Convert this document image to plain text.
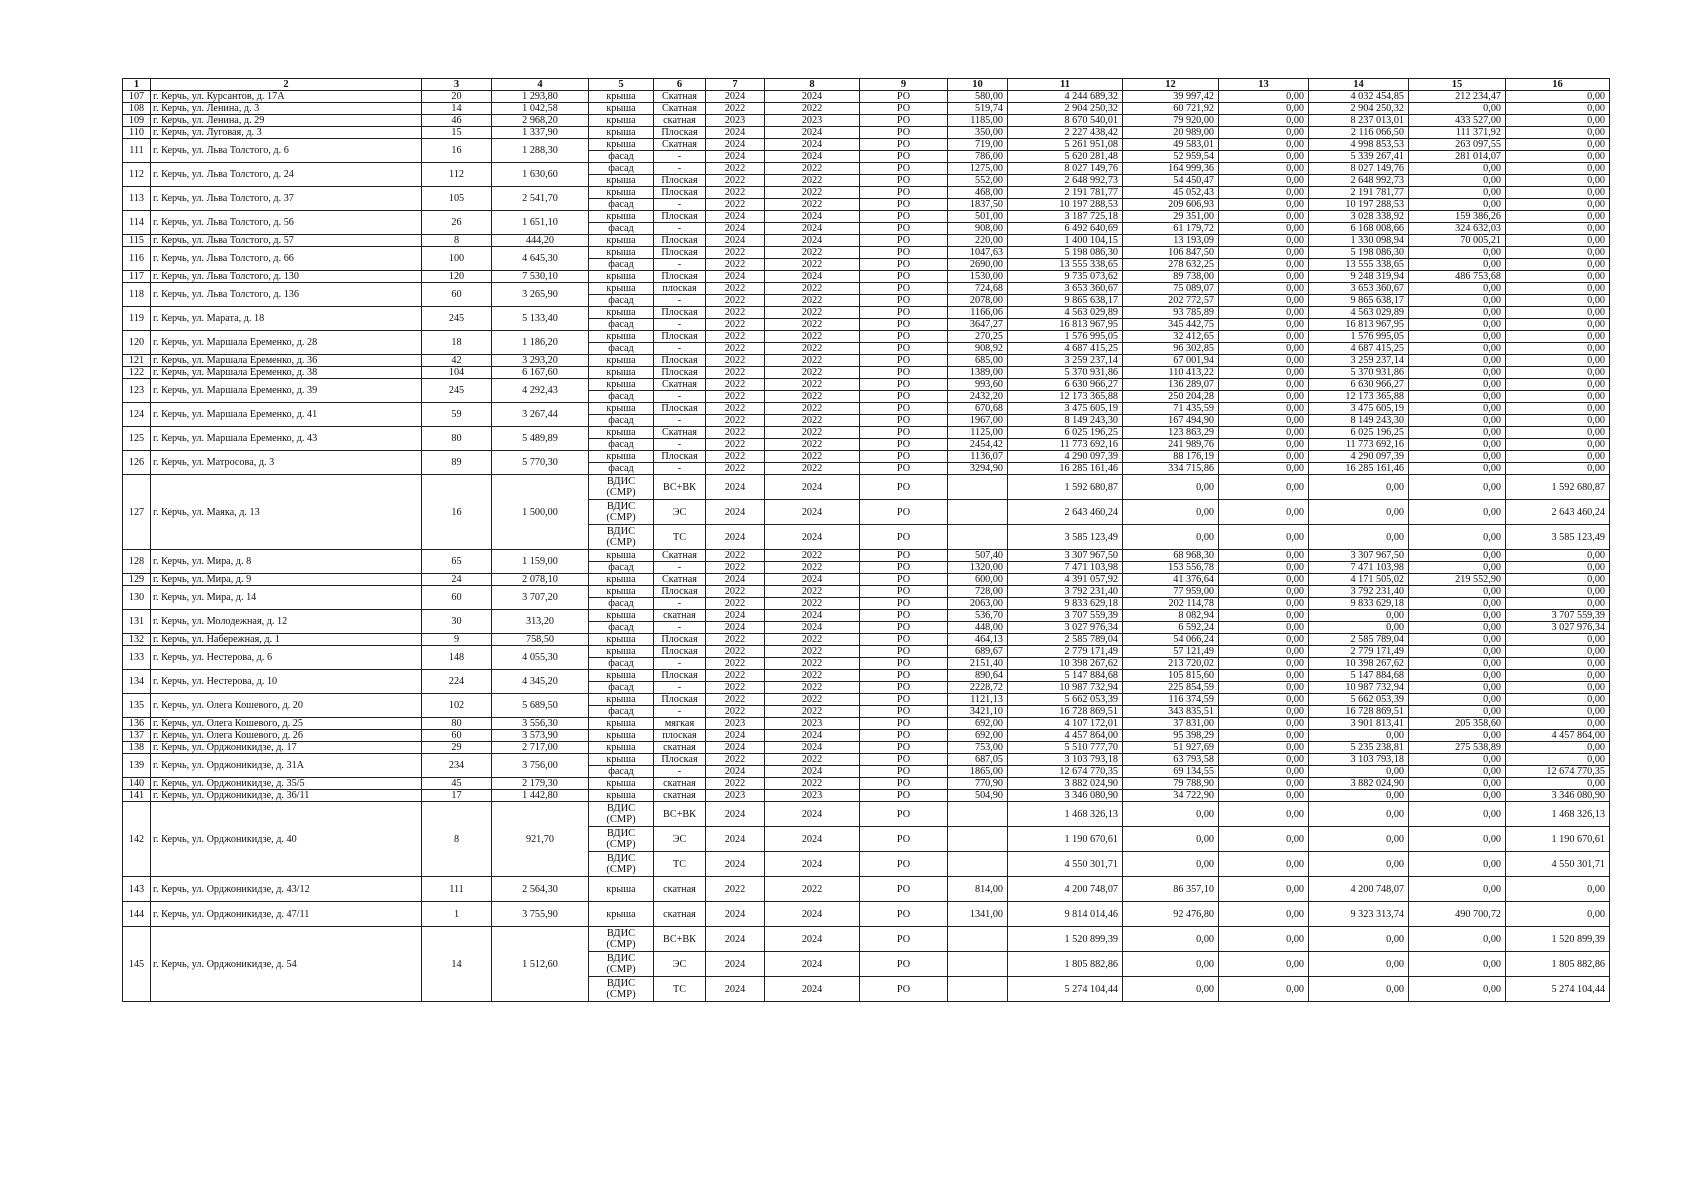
1	2	3	4	5	6	7	8	9	10	11	12	13	14	15	16
107	г. Керчь, ул. Курсантов, д. 17А	20	1 293,80	крыша	Скатная	2024	2024	РО	580,00	4 244 689,32	39 997,42	0,00	4 032 454,85	212 234,47	0,00
108	г. Керчь, ул. Ленина, д. 3	14	1 042,58	крыша	Скатная	2022	2022	РО	519,74	2 904 250,32	60 721,92	0,00	2 904 250,32	0,00	0,00
109	г. Керчь, ул. Ленина, д. 29	46	2 968,20	крыша	скатная	2023	2023	РО	1185,00	8 670 540,01	79 920,00	0,00	8 237 013,01	433 527,00	0,00
110	г. Керчь, ул. Луговая, д. 3	15	1 337,90	крыша	Плоская	2024	2024	РО	350,00	2 227 438,42	20 989,00	0,00	2 116 066,50	111 371,92	0,00
111	г. Керчь, ул. Льва Толстого, д. 6	16	1 288,30	крыша	Скатная	2024	2024	РО	719,00	5 261 951,08	49 583,01	0,00	4 998 853,53	263 097,55	0,00
				фасад	-	2024	2024	РО	786,00	5 620 281,48	52 959,54	0,00	5 339 267,41	281 014,07	0,00
112	г. Керчь, ул. Льва Толстого, д. 24	112	1 630,60	фасад	-	2022	2022	РО	1275,00	8 027 149,76	164 999,36	0,00	8 027 149,76	0,00	0,00
				крыша	Плоская	2022	2022	РО	552,00	2 648 992,73	54 450,47	0,00	2 648 992,73	0,00	0,00
113	г. Керчь, ул. Льва Толстого, д. 37	105	2 541,70	крыша	Плоская	2022	2022	РО	468,00	2 191 781,77	45 052,43	0,00	2 191 781,77	0,00	0,00
				фасад	-	2022	2022	РО	1837,50	10 197 288,53	209 606,93	0,00	10 197 288,53	0,00	0,00
114	г. Керчь, ул. Льва Толстого, д. 56	26	1 651,10	крыша	Плоская	2024	2024	РО	501,00	3 187 725,18	29 351,00	0,00	3 028 338,92	159 386,26	0,00
				фасад	-	2024	2024	РО	908,00	6 492 640,69	61 179,72	0,00	6 168 008,66	324 632,03	0,00
115	г. Керчь, ул. Льва Толстого, д. 57	8	444,20	крыша	Плоская	2024	2024	РО	220,00	1 400 104,15	13 193,09	0,00	1 330 098,94	70 005,21	0,00
116	г. Керчь, ул. Льва Толстого, д. 66	100	4 645,30	крыша	Плоская	2022	2022	РО	1047,63	5 198 086,30	106 847,50	0,00	5 198 086,30	0,00	0,00
				фасад	-	2022	2022	РО	2690,00	13 555 338,65	278 632,25	0,00	13 555 338,65	0,00	0,00
117	г. Керчь, ул. Льва Толстого, д. 130	120	7 530,10	крыша	Плоская	2024	2024	РО	1530,00	9 735 073,62	89 738,00	0,00	9 248 319,94	486 753,68	0,00
118	г. Керчь, ул. Льва Толстого, д. 136	60	3 265,90	крыша	плоская	2022	2022	РО	724,68	3 653 360,67	75 089,07	0,00	3 653 360,67	0,00	0,00
				фасад	-	2022	2022	РО	2078,00	9 865 638,17	202 772,57	0,00	9 865 638,17	0,00	0,00
119	г. Керчь, ул. Марата, д. 18	245	5 133,40	крыша	Плоская	2022	2022	РО	1166,06	4 563 029,89	93 785,89	0,00	4 563 029,89	0,00	0,00
				фасад	-	2022	2022	РО	3647,27	16 813 967,95	345 442,75	0,00	16 813 967,95	0,00	0,00
120	г. Керчь, ул. Маршала Еременко, д. 28	18	1 186,20	крыша	Плоская	2022	2022	РО	270,25	1 576 995,05	32 412,65	0,00	1 576 995,05	0,00	0,00
				фасад	-	2022	2022	РО	908,92	4 687 415,25	96 302,85	0,00	4 687 415,25	0,00	0,00
121	г. Керчь, ул. Маршала Еременко, д. 36	42	3 293,20	крыша	Плоская	2022	2022	РО	685,00	3 259 237,14	67 001,94	0,00	3 259 237,14	0,00	0,00
122	г. Керчь, ул. Маршала Еременко, д. 38	104	6 167,60	крыша	Плоская	2022	2022	РО	1389,00	5 370 931,86	110 413,22	0,00	5 370 931,86	0,00	0,00
123	г. Керчь, ул. Маршала Еременко, д. 39	245	4 292,43	крыша	Скатная	2022	2022	РО	993,60	6 630 966,27	136 289,07	0,00	6 630 966,27	0,00	0,00
				фасад	-	2022	2022	РО	2432,20	12 173 365,88	250 204,28	0,00	12 173 365,88	0,00	0,00
124	г. Керчь, ул. Маршала Еременко, д. 41	59	3 267,44	крыша	Плоская	2022	2022	РО	670,68	3 475 605,19	71 435,59	0,00	3 475 605,19	0,00	0,00
				фасад	-	2022	2022	РО	1967,00	8 149 243,30	167 494,90	0,00	8 149 243,30	0,00	0,00
125	г. Керчь, ул. Маршала Еременко, д. 43	80	5 489,89	крыша	Скатная	2022	2022	РО	1125,00	6 025 196,25	123 863,29	0,00	6 025 196,25	0,00	0,00
				фасад	-	2022	2022	РО	2454,42	11 773 692,16	241 989,76	0,00	11 773 692,16	0,00	0,00
126	г. Керчь, ул. Матросова, д. 3	89	5 770,30	крыша	Плоская	2022	2022	РО	1136,07	4 290 097,39	88 176,19	0,00	4 290 097,39	0,00	0,00
				фасад	-	2022	2022	РО	3294,90	16 285 161,46	334 715,86	0,00	16 285 161,46	0,00	0,00
127	г. Керчь, ул. Маяка, д. 13	16	1 500,00	ВДИС (СМР)	ВС+ВК	2024	2024	РО		1 592 680,87	0,00	0,00	0,00	0,00	1 592 680,87
				ВДИС (СМР)	ЭС	2024	2024	РО		2 643 460,24	0,00	0,00	0,00	0,00	2 643 460,24
				ВДИС (СМР)	ТС	2024	2024	РО		3 585 123,49	0,00	0,00	0,00	0,00	3 585 123,49
128	г. Керчь, ул. Мира, д. 8	65	1 159,00	крыша	Скатная	2022	2022	РО	507,40	3 307 967,50	68 968,30	0,00	3 307 967,50	0,00	0,00
				фасад	-	2022	2022	РО	1320,00	7 471 103,98	153 556,78	0,00	7 471 103,98	0,00	0,00
129	г. Керчь, ул. Мира, д. 9	24	2 078,10	крыша	Скатная	2024	2024	РО	600,00	4 391 057,92	41 376,64	0,00	4 171 505,02	219 552,90	0,00
130	г. Керчь, ул. Мира, д. 14	60	3 707,20	крыша	Плоская	2022	2022	РО	728,00	3 792 231,40	77 959,00	0,00	3 792 231,40	0,00	0,00
				фасад	-	2022	2022	РО	2063,00	9 833 629,18	202 114,78	0,00	9 833 629,18	0,00	0,00
131	г. Керчь, ул. Молодежная, д. 12	30	313,20	крыша	скатная	2024	2024	РО	536,70	3 707 559,39	8 082,94	0,00	0,00	0,00	3 707 559,39
				фасад	-	2024	2024	РО	448,00	3 027 976,34	6 592,24	0,00	0,00	0,00	3 027 976,34
132	г. Керчь, ул. Набережная, д. 1	9	758,50	крыша	Плоская	2022	2022	РО	464,13	2 585 789,04	54 066,24	0,00	2 585 789,04	0,00	0,00
133	г. Керчь, ул. Нестерова, д. 6	148	4 055,30	крыша	Плоская	2022	2022	РО	689,67	2 779 171,49	57 121,49	0,00	2 779 171,49	0,00	0,00
				фасад	-	2022	2022	РО	2151,40	10 398 267,62	213 720,02	0,00	10 398 267,62	0,00	0,00
134	г. Керчь, ул. Нестерова, д. 10	224	4 345,20	крыша	Плоская	2022	2022	РО	890,64	5 147 884,68	105 815,60	0,00	5 147 884,68	0,00	0,00
				фасад	-	2022	2022	РО	2228,72	10 987 732,94	225 854,59	0,00	10 987 732,94	0,00	0,00
135	г. Керчь, ул. Олега Кошевого, д. 20	102	5 689,50	крыша	Плоская	2022	2022	РО	1121,13	5 662 053,39	116 374,59	0,00	5 662 053,39	0,00	0,00
				фасад	-	2022	2022	РО	3421,10	16 728 869,51	343 835,51	0,00	16 728 869,51	0,00	0,00
136	г. Керчь, ул. Олега Кошевого, д. 25	80	3 556,30	крыша	мягкая	2023	2023	РО	692,00	4 107 172,01	37 831,00	0,00	3 901 813,41	205 358,60	0,00
137	г. Керчь, ул. Олега Кошевого, д. 26	60	3 573,90	крыша	плоская	2024	2024	РО	692,00	4 457 864,00	95 398,29	0,00	0,00	0,00	4 457 864,00
138	г. Керчь, ул. Орджоникидзе, д. 17	29	2 717,00	крыша	скатная	2024	2024	РО	753,00	5 510 777,70	51 927,69	0,00	5 235 238,81	275 538,89	0,00
139	г. Керчь, ул. Орджоникидзе, д. 31А	234	3 756,00	крыша	Плоская	2022	2022	РО	687,05	3 103 793,18	63 793,58	0,00	3 103 793,18	0,00	0,00
				фасад	-	2024	2024	РО	1865,00	12 674 770,35	69 134,55	0,00	0,00	0,00	12 674 770,35
140	г. Керчь, ул. Орджоникидзе, д. 35/5	45	2 179,30	крыша	скатная	2022	2022	РО	770,90	3 882 024,90	79 788,90	0,00	3 882 024,90	0,00	0,00
141	г. Керчь, ул. Орджоникидзе, д. 36/11	17	1 442,80	крыша	скатная	2023	2023	РО	504,90	3 346 080,90	34 722,90	0,00	0,00	0,00	3 346 080,90
142	г. Керчь, ул. Орджоникидзе, д. 40	8	921,70	ВДИС (СМР)	ВС+ВК	2024	2024	РО		1 468 326,13	0,00	0,00	0,00	0,00	1 468 326,13
				ВДИС (СМР)	ЭС	2024	2024	РО		1 190 670,61	0,00	0,00	0,00	0,00	1 190 670,61
				ВДИС (СМР)	ТС	2024	2024	РО		4 550 301,71	0,00	0,00	0,00	0,00	4 550 301,71
143	г. Керчь, ул. Орджоникидзе, д. 43/12	111	2 564,30	крыша	скатная	2022	2022	РО	814,00	4 200 748,07	86 357,10	0,00	4 200 748,07	0,00	0,00
144	г. Керчь, ул. Орджоникидзе, д. 47/11	1	3 755,90	крыша	скатная	2024	2024	РО	1341,00	9 814 014,46	92 476,80	0,00	9 323 313,74	490 700,72	0,00
145	г. Керчь, ул. Орджоникидзе, д. 54	14	1 512,60	ВДИС (СМР)	ВС+ВК	2024	2024	РО		1 520 899,39	0,00	0,00	0,00	0,00	1 520 899,39
				ВДИС (СМР)	ЭС	2024	2024	РО		1 805 882,86	0,00	0,00	0,00	0,00	1 805 882,86
				ВДИС (СМР)	ТС	2024	2024	РО		5 274 104,44	0,00	0,00	0,00	0,00	5 274 104,44
